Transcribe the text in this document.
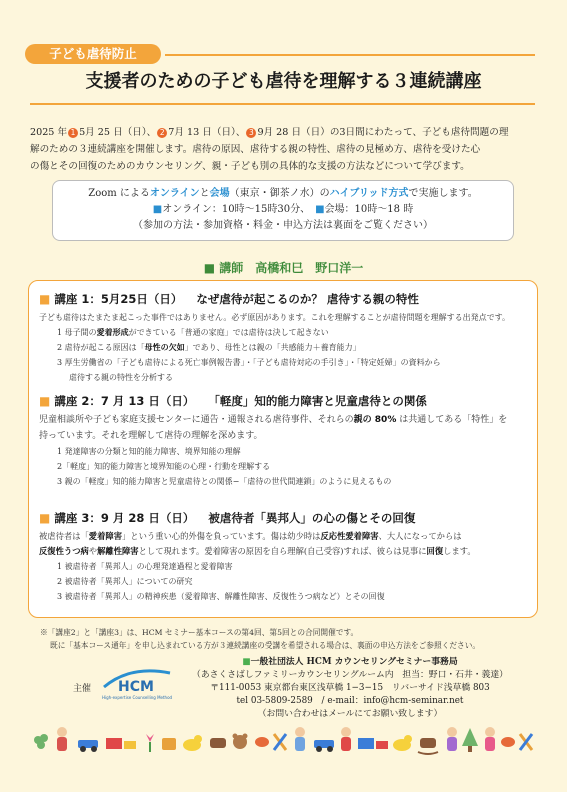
子ども虐待防止
支援者のための子ども虐待を理解する３連続講座
2025 年 1 5月 25 日（日）、 2 7月 13 日（日）、 3 9月 28 日（日）の3日間にわたって、子ども虐待問題の理
解のための３連続講座を開催します。虐待の原因、虐待する親の特性、虐待の見極め方、虐待を受けた心
の傷とその回復のためのカウンセリング、親・子ども別の具体的な支援の方法などについて学びます。
Zoom によるオンラインと会場（東京・御茶ノ水）のハイブリッド方式で実施します。
■オンライン：10時〜15時30分、　 ■会場：10時〜18 時
（参加の方法・参加資格・料金・申込方法は裏面をご覧ください）
■ 講師　高橋和巳　野口洋一
■ 講座 1：5月25日（日） なぜ虐待が起こるのか？ 虐待する親の特性
子ども虐待はたまたま起こった事件ではありません。必ず原因があります。これを理解することが虐待問題を理解する出発点です。
1 母子間の愛着形成ができている「普通の家庭」では虐待は決して起きない
2 虐待が起こる原因は「母性の欠如」であり、母性とは親の「共感能力＋養育能力」
3 厚生労働省の「子ども虐待による死亡事例報告書」・「子ども虐待対応の手引き」・「特定妊婦」の資料から
虐待する親の特性を分析する
■ 講座 2：7 月 13 日（日） 「軽度」知的能力障害と児童虐待との関係
児童相談所や子ども家庭支援センターに通告・通報される虐待事件、それらの親の 80% は共通してある「特性」を
持っています。それを理解して虐待の理解を深めます。
1 発達障害の分類と知的能力障害、境界知能の理解
2「軽度」知的能力障害と境界知能の心理・行動を理解する
3 親の「軽度」知的能力障害と児童虐待との関係−「虐待の世代間連鎖」のように見えるもの
■ 講座 3：9 月 28 日（日） 被虐待者「異邦人」の心の傷とその回復
被虐待者は「愛着障害」という重い心的外傷を負っています。傷は幼少時は反応性愛着障害、大人になってからは
反復性うつ病や解離性障害として現れます。愛着障害の原因を自ら理解(自己受容)すれば、彼らは見事に回復します。
1 被虐待者「異邦人」の心理発達過程と愛着障害
2 被虐待者「異邦人」についての研究
3 被虐待者「異邦人」の精神疾患（愛着障害、解離性障害、反復性うつ病など）とその回復
※「講座2」と「講座3」は、HCM セミナー基本コースの第4回、第5回との合同開催です。
既に「基本コース通年」を申し込まれている方が３連続講座の受講を希望される場合は、裏面の申込方法をご参照ください。
■一般社団法人 HCM カウンセリングセミナー事務局
（あさくさばしファミリーカウンセリングルーム内　担当：野口・石井・義達）
〒111-0053 東京都台東区浅草橋 1−3−15　リバーサイド浅草橋 803
tel 03-5809-2589　/ e-mail：info@hcm-seminar.net
（お問い合わせはメールにてお願い致します）
主催 HCM
High-expertise Counselling Method
